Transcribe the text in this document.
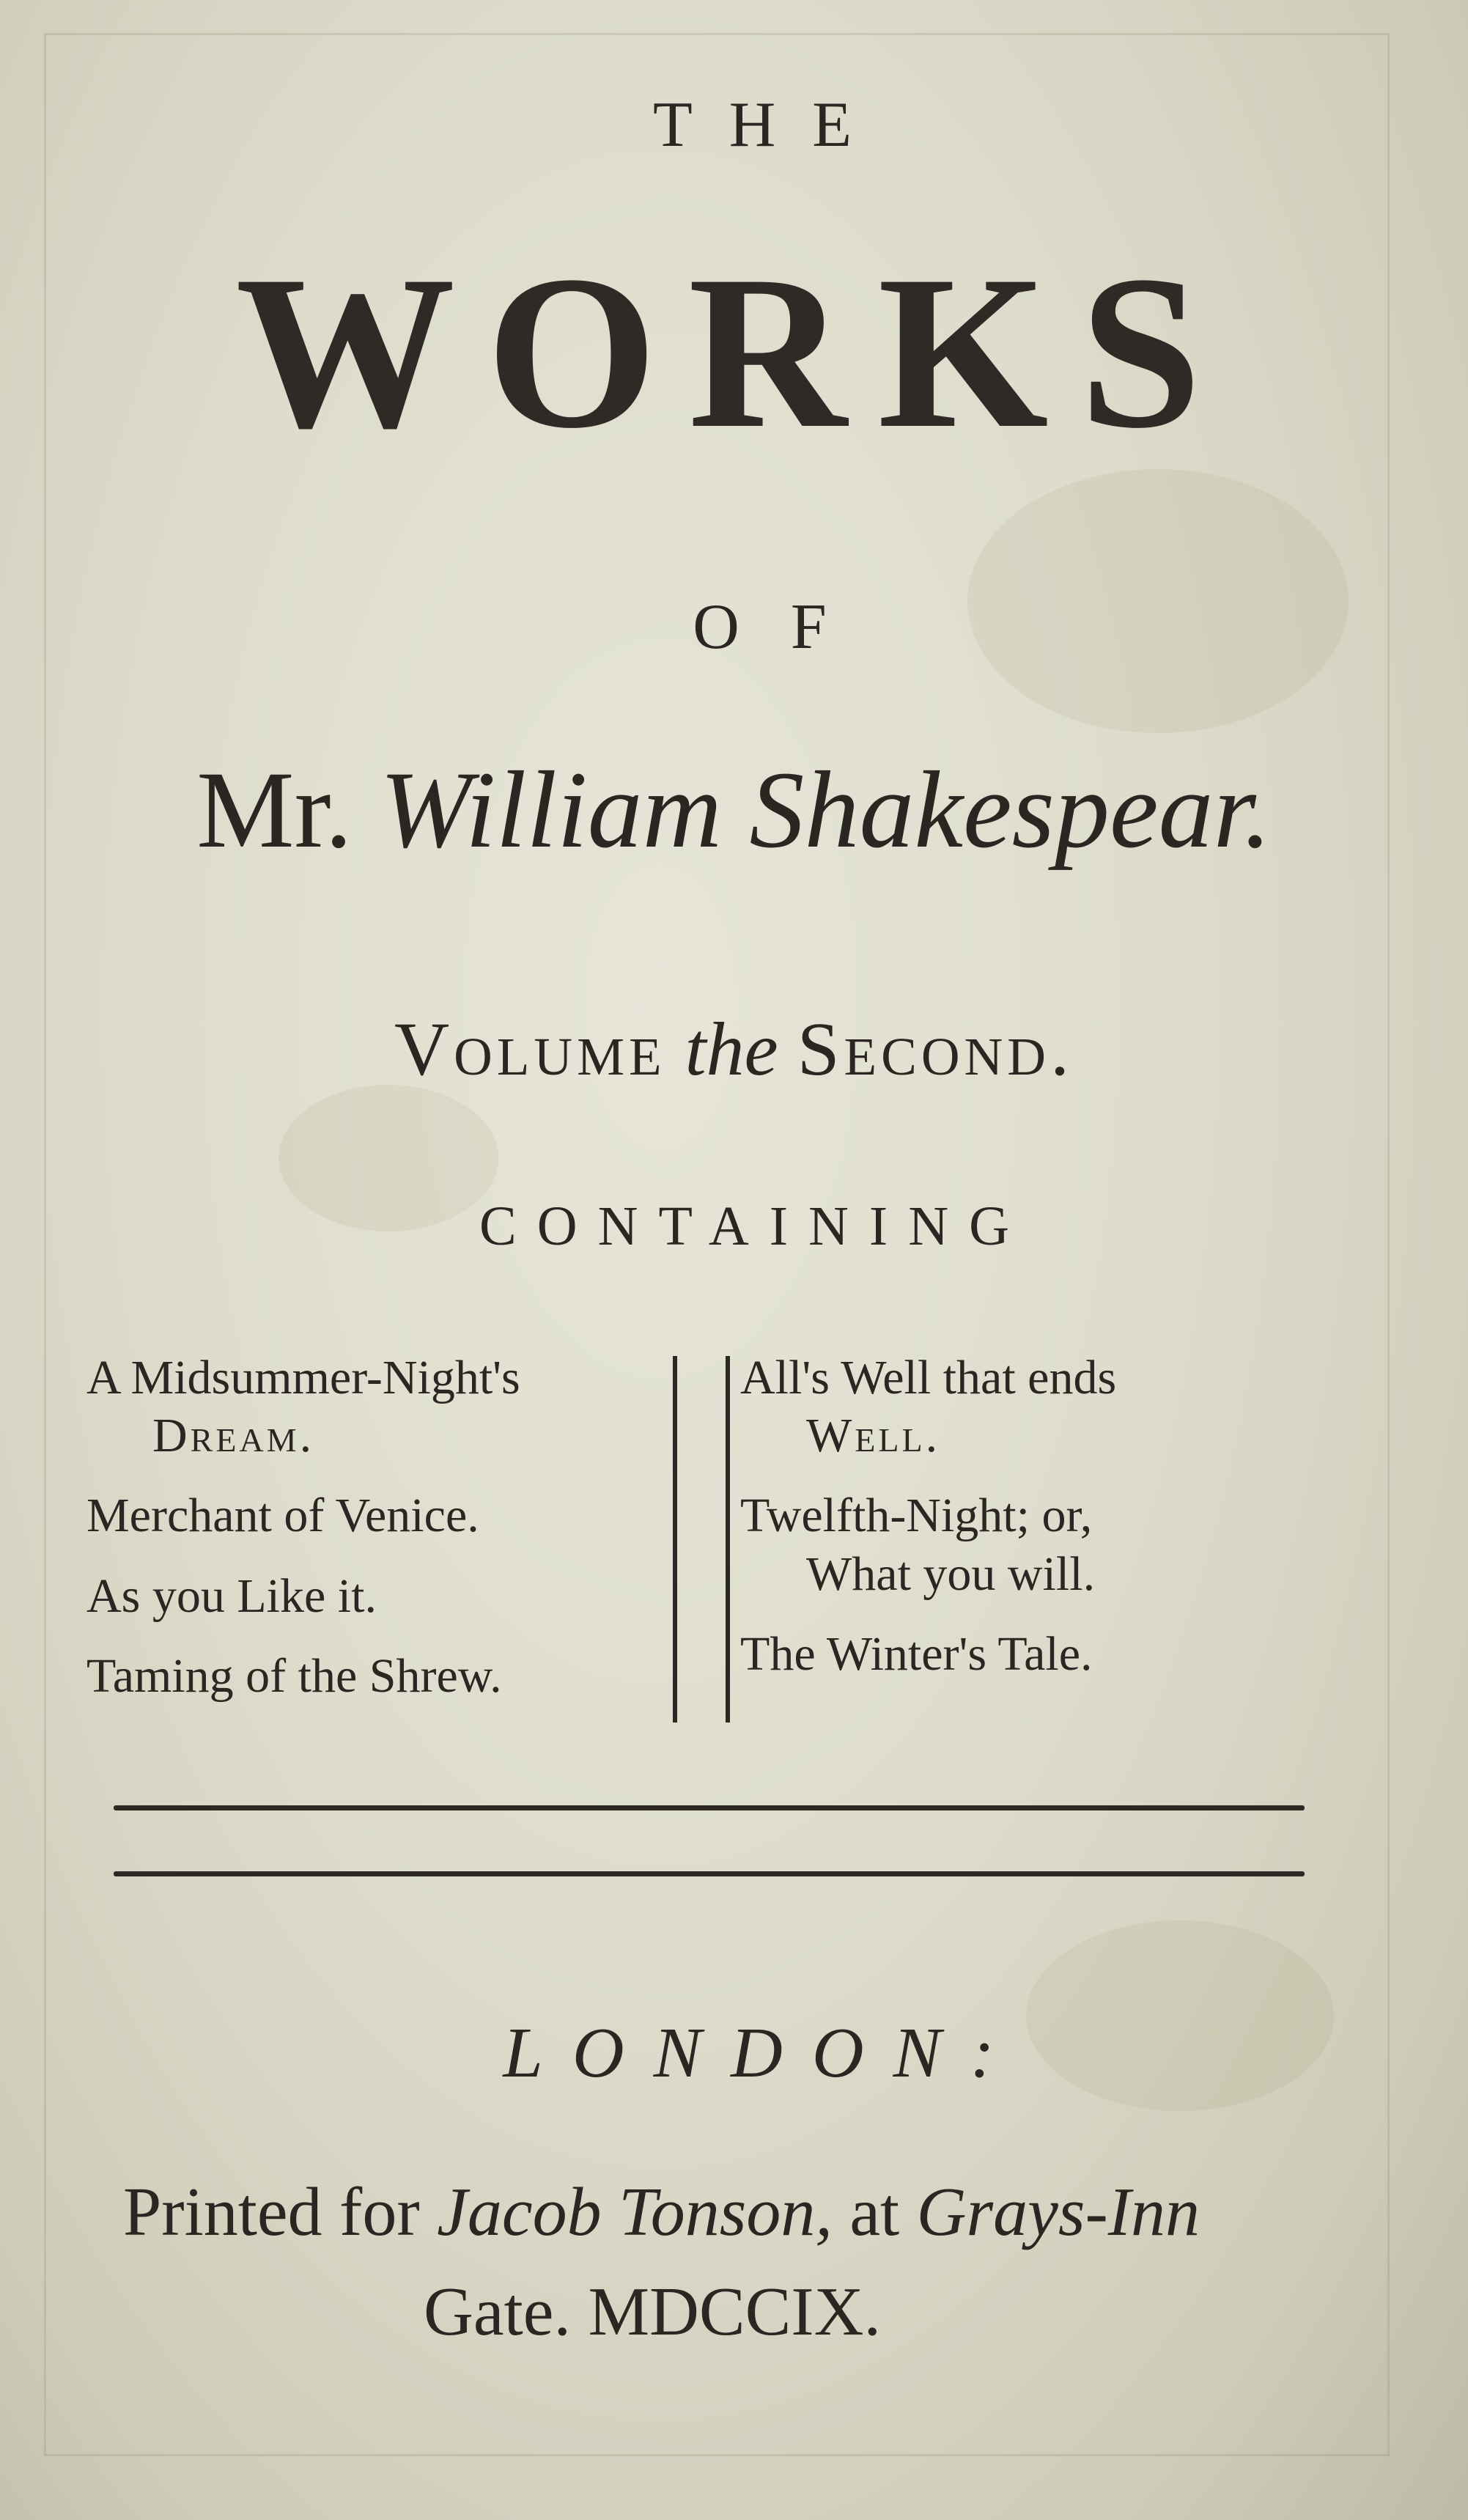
THE
WORKS
OF
Mr. William Shakespear.
Volume the Second.
CONTAINING
A Midsummer-Night's
Dream.
Merchant of Venice.
As you Like it.
Taming of the Shrew.
All's Well that ends
Well.
Twelfth-Night; or,
What you will.
The Winter's Tale.
LONDON:
Printed for Jacob Tonson, at Grays-Inn
Gate. MDCCIX.
